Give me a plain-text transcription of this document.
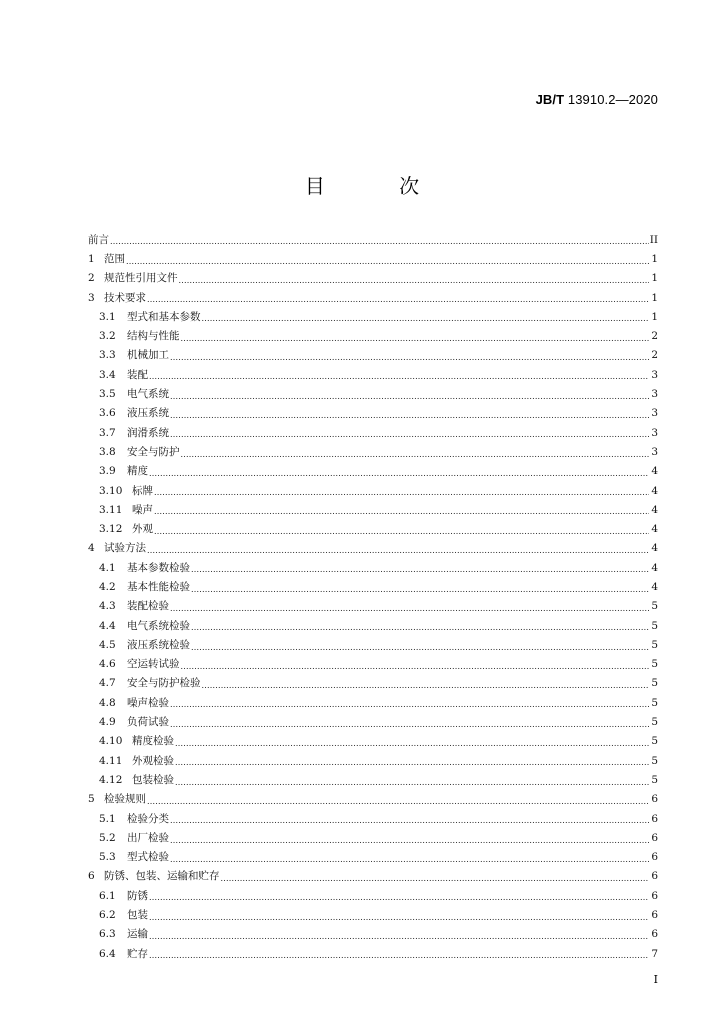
JB/T 13910.2—2020
目 次
前言 .....	II
1 范围 .....	1
2 规范性引用文件 .....	1
3 技术要求 .....	1
3.1	型式和基本参数 .....	1
3.2	结构与性能 .....	2
3.3	机械加工 .....	2
3.4	装配 .....	3
3.5	电气系统 .....	3
3.6	液压系统 .....	3
3.7	润滑系统 .....	3
3.8	安全与防护 .....	3
3.9	精度 .....	4
3.10 标牌 .....	4
3.11 噪声 .....	4
3.12 外观 .....	4
4 试验方法 .....	4
4.1	基本参数检验 .....	4
4.2	基本性能检验 .....	4
4.3	装配检验 .....	5
4.4	电气系统检验 .....	5
4.5	液压系统检验 .....	5
4.6	空运转试验 .....	5
4.7	安全与防护检验 .....	5
4.8	噪声检验 .....	5
4.9	负荷试验 .....	5
4.10 精度检验 .....	5
4.11 外观检验 .....	5
4.12 包装检验 .....	5
5 检验规则 .....	6
5.1	检验分类 .....	6
5.2	出厂检验 .....	6
5.3	型式检验 .....	6
6 防锈、包装、运输和贮存 .....	6
6.1	防锈 .....	6
6.2	包装 .....	6
6.3	运输 .....	6
6.4	贮存 .....	7
I
